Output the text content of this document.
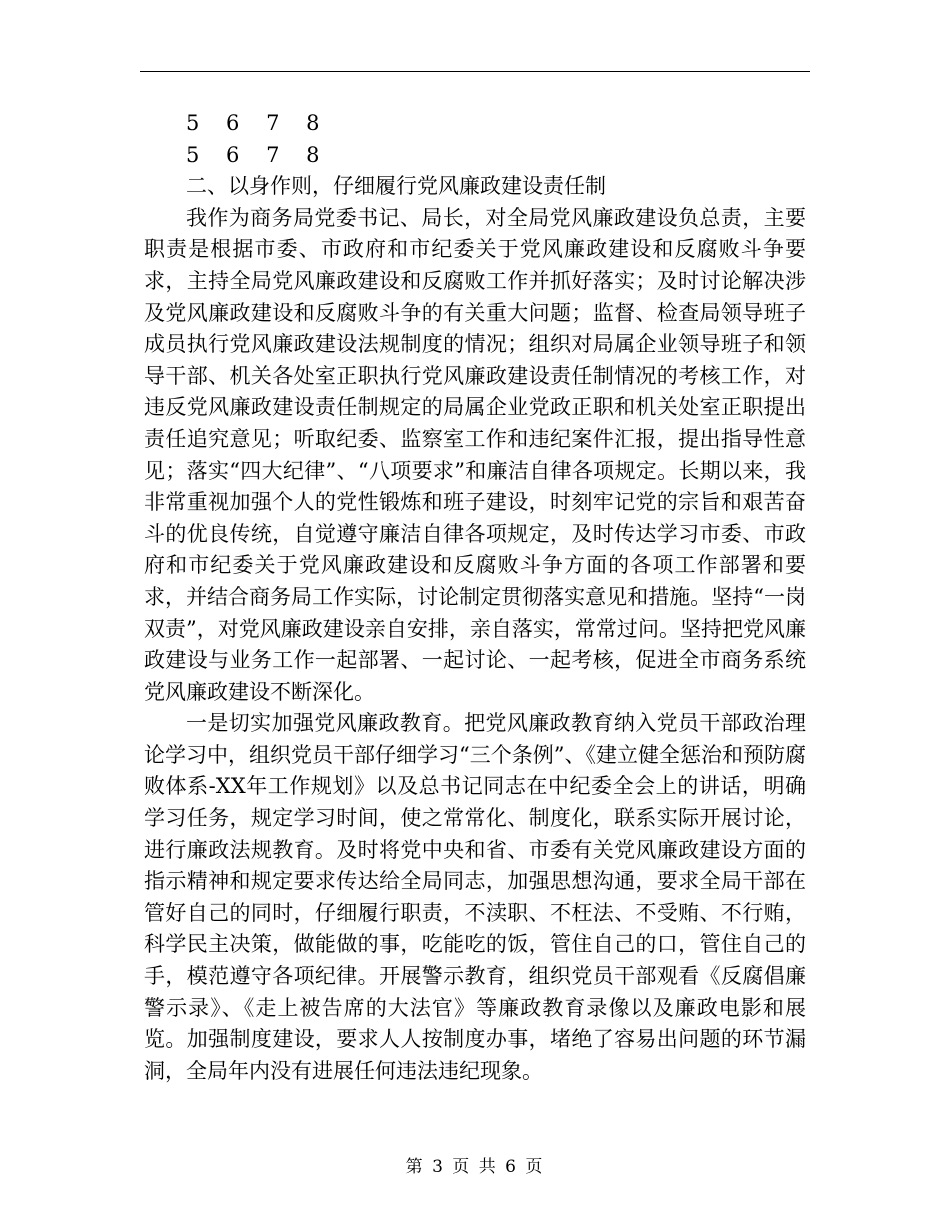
5 6 7 8
5 6 7 8
二、以身作则，仔细履行党风廉政建设责任制

我作为商务局党委书记、局长，对全局党风廉政建设负总责，主要职责是根据市委、市政府和市纪委关于党风廉政建设和反腐败斗争要求，主持全局党风廉政建设和反腐败工作并抓好落实；及时讨论解决涉及党风廉政建设和反腐败斗争的有关重大问题；监督、检查局领导班子成员执行党风廉政建设法规制度的情况；组织对局属企业领导班子和领导干部、机关各处室正职执行党风廉政建设责任制情况的考核工作，对违反党风廉政建设责任制规定的局属企业党政正职和机关处室正职提出责任追究意见；听取纪委、监察室工作和违纪案件汇报，提出指导性意见；落实“四大纪律”、“八项要求”和廉洁自律各项规定。长期以来，我非常重视加强个人的党性锻炼和班子建设，时刻牢记党的宗旨和艰苦奋斗的优良传统，自觉遵守廉洁自律各项规定，及时传达学习市委、市政府和市纪委关于党风廉政建设和反腐败斗争方面的各项工作部署和要求，并结合商务局工作实际，讨论制定贯彻落实意见和措施。坚持“一岗双责”，对党风廉政建设亲自安排，亲自落实，常常过问。坚持把党风廉政建设与业务工作一起部署、一起讨论、一起考核，促进全市商务系统党风廉政建设不断深化。

一是切实加强党风廉政教育。把党风廉政教育纳入党员干部政治理论学习中，组织党员干部仔细学习“三个条例”、《建立健全惩治和预防腐败体系-XX年工作规划》以及总书记同志在中纪委全会上的讲话，明确学习任务，规定学习时间，使之常常化、制度化，联系实际开展讨论，进行廉政法规教育。及时将党中央和省、市委有关党风廉政建设方面的指示精神和规定要求传达给全局同志，加强思想沟通，要求全局干部在管好自己的同时，仔细履行职责，不渎职、不枉法、不受贿、不行贿，科学民主决策，做能做的事，吃能吃的饭，管住自己的口，管住自己的手，模范遵守各项纪律。开展警示教育，组织党员干部观看《反腐倡廉警示录》、《走上被告席的大法官》等廉政教育录像以及廉政电影和展览。加强制度建设，要求人人按制度办事，堵绝了容易出问题的环节漏洞，全局年内没有进展任何违法违纪现象。

第 3 页 共 6 页
